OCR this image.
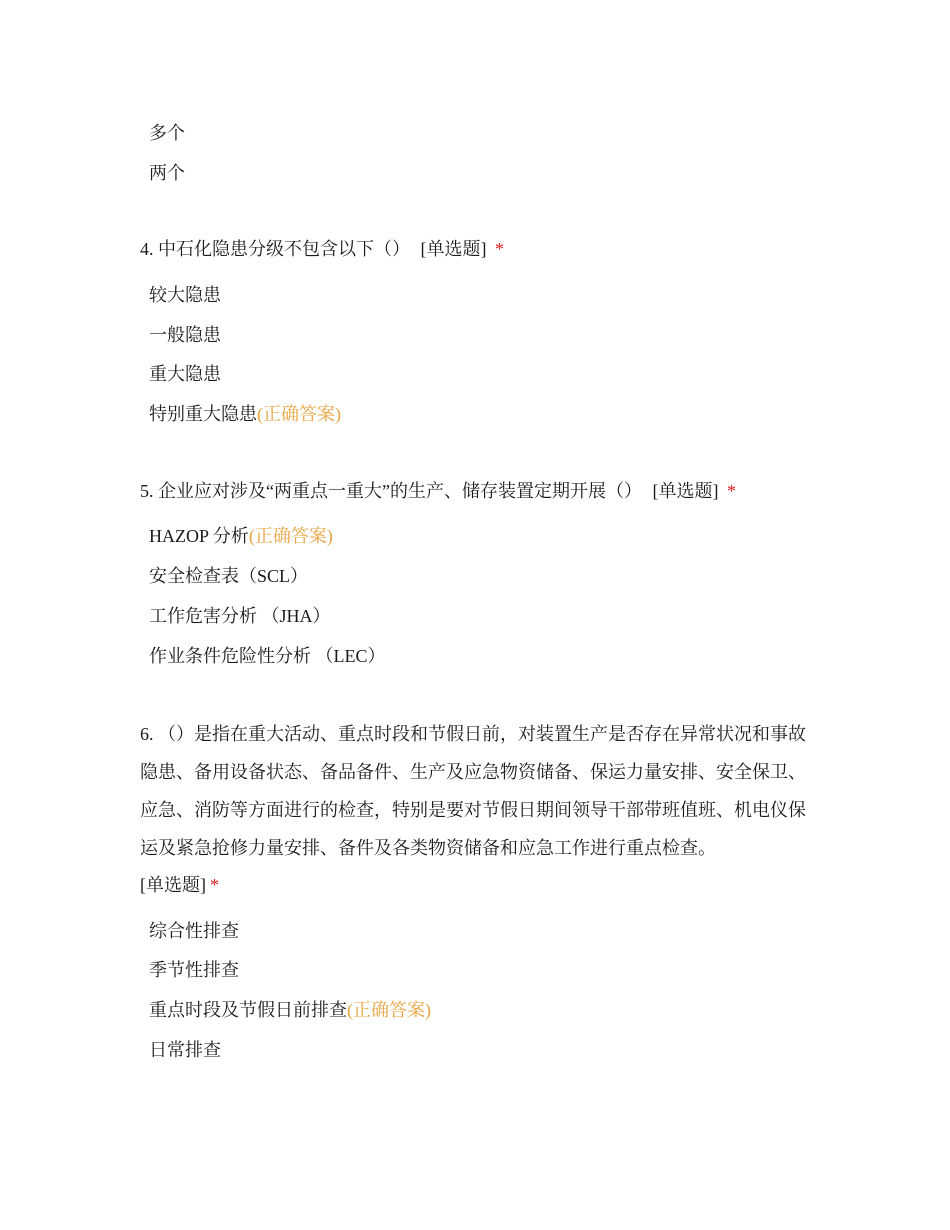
多个
两个
4. 中石化隐患分级不包含以下（） [单选题] *
较大隐患
一般隐患
重大隐患
特别重大隐患(正确答案)
5. 企业应对涉及“两重点一重大”的生产、储存装置定期开展（） [单选题] *
HAZOP 分析(正确答案)
安全检查表（SCL）
工作危害分析 （JHA）
作业条件危险性分析 （LEC）
6. （）是指在重大活动、重点时段和节假日前，对装置生产是否存在异常状况和事故隐患、备用设备状态、备品备件、生产及应急物资储备、保运力量安排、安全保卫、应急、消防等方面进行的检查，特别是要对节假日期间领导干部带班值班、机电仪保运及紧急抢修力量安排、备件及各类物资储备和应急工作进行重点检查。
[单选题] *
综合性排查
季节性排查
重点时段及节假日前排查(正确答案)
日常排查
